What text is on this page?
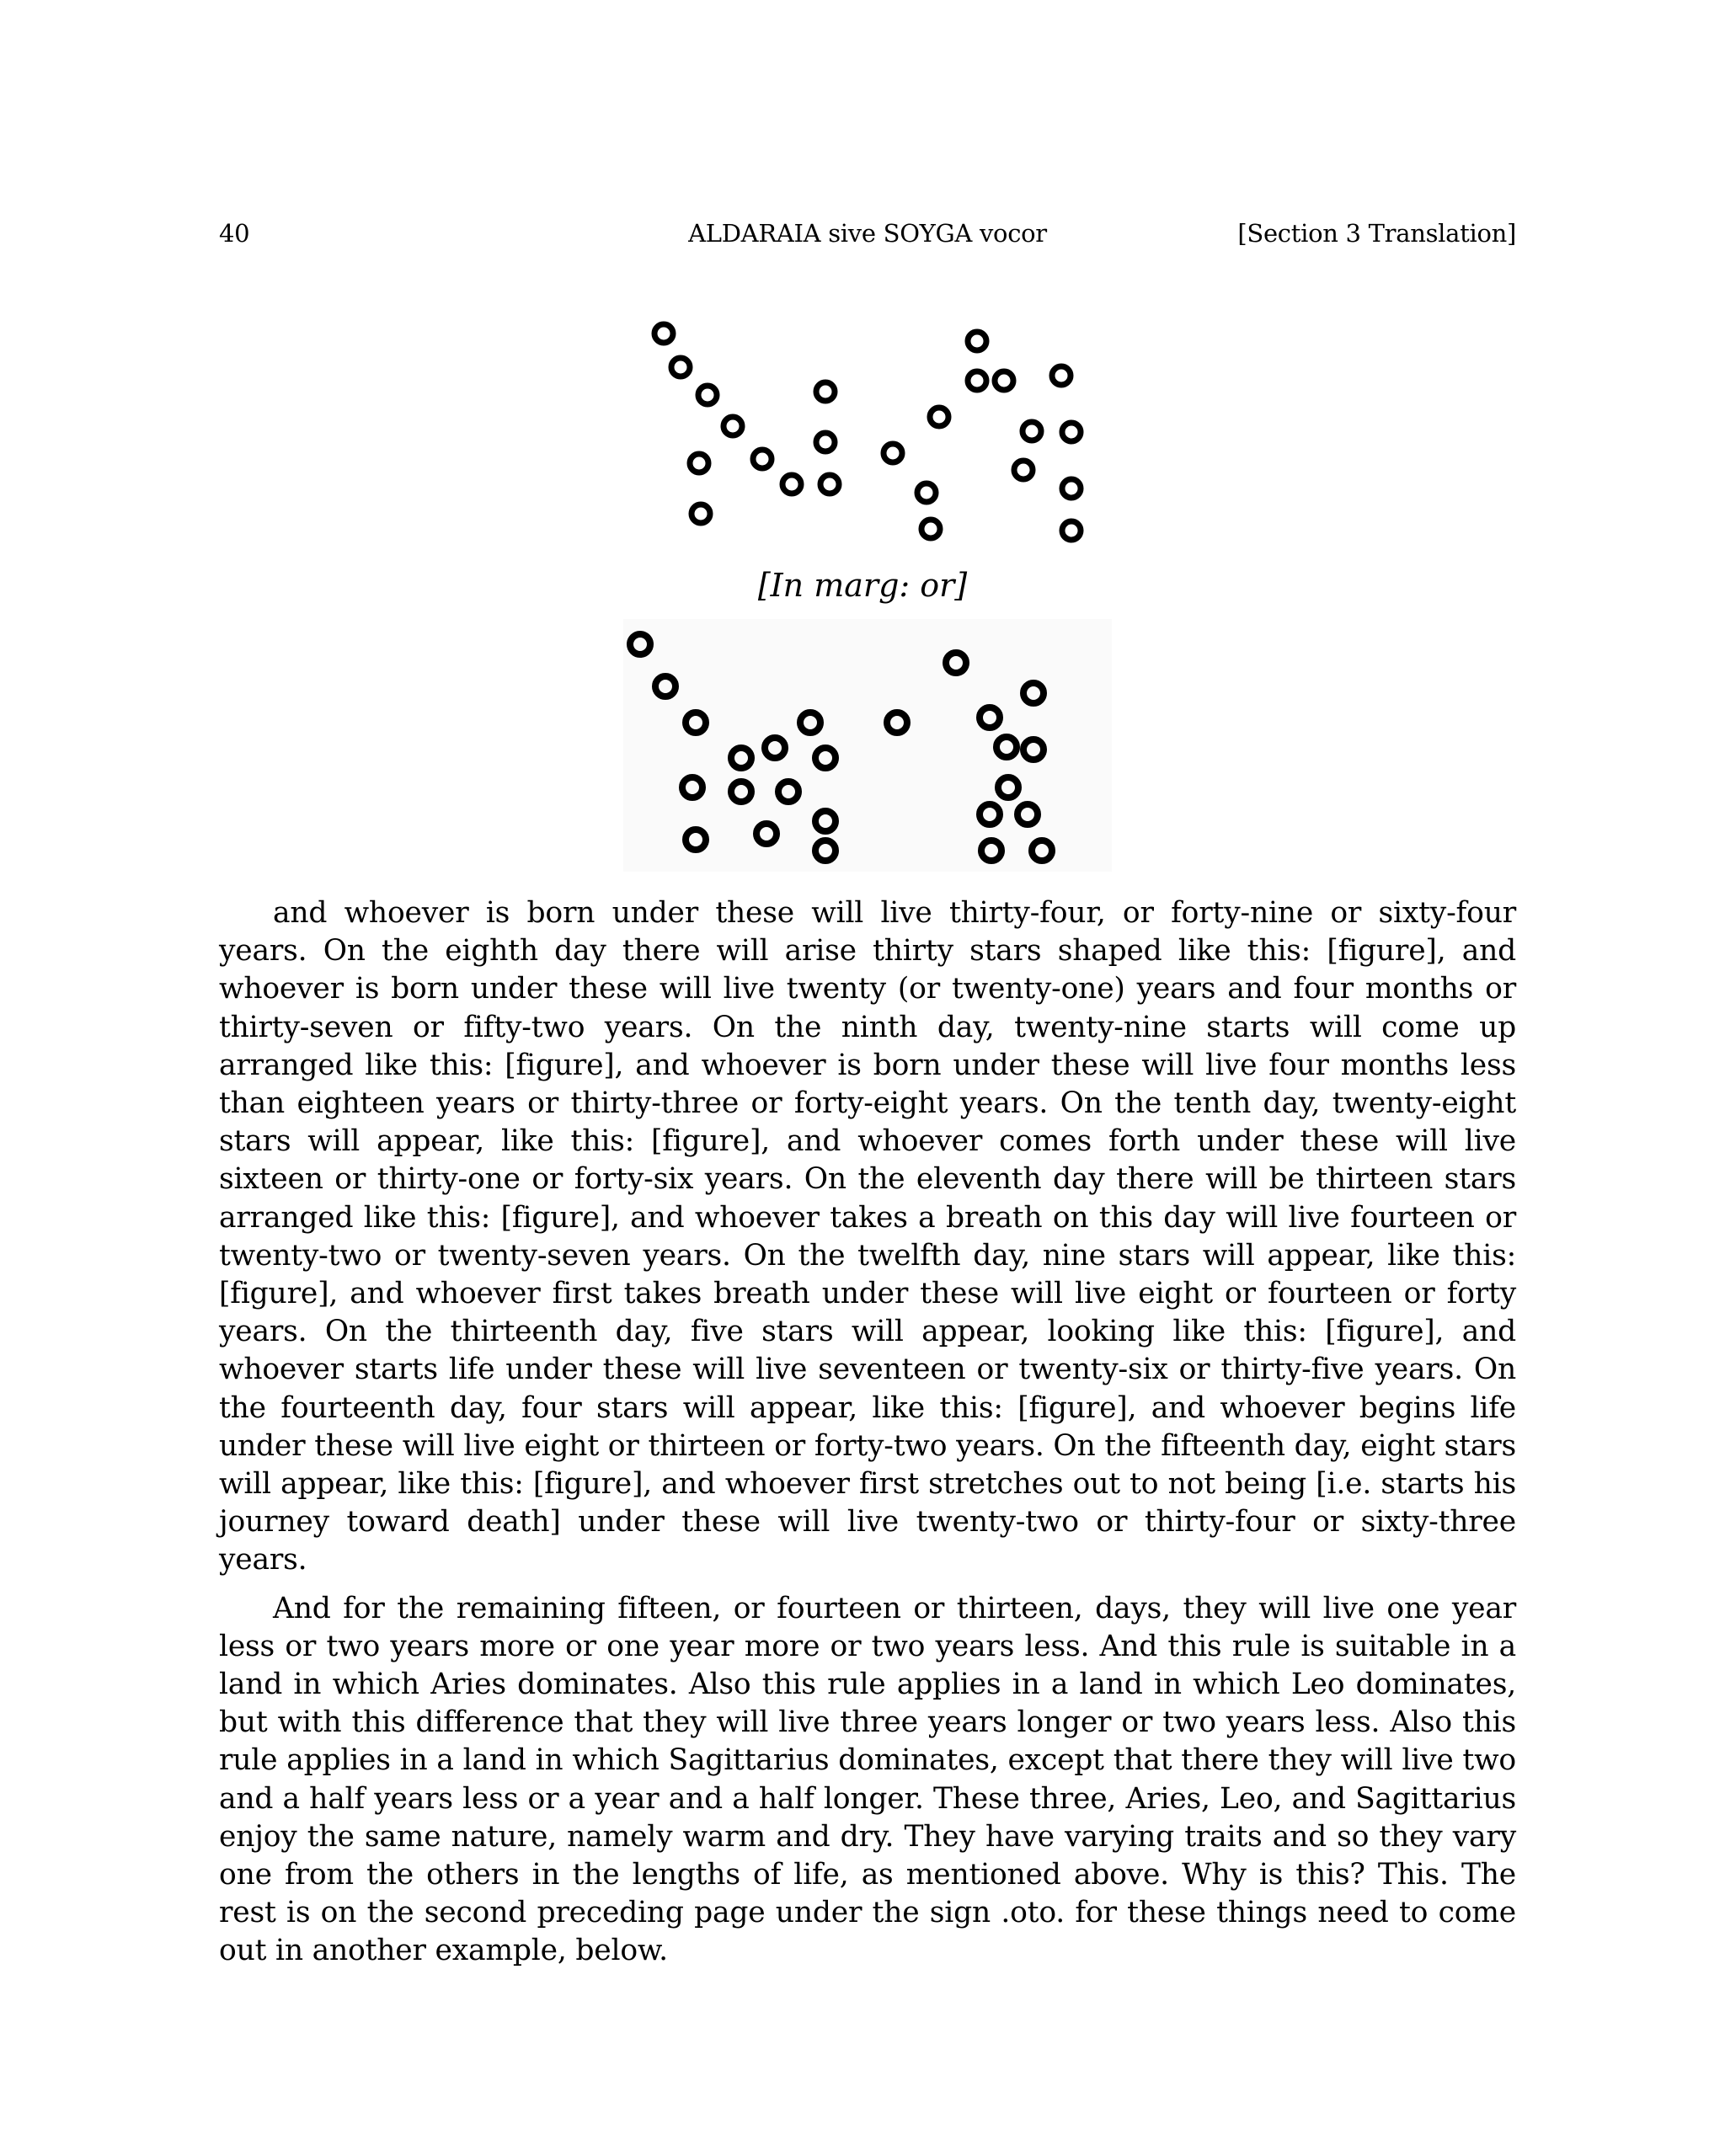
40	ALDARAIA sive SOYGA vocor	[Section 3 Translation]
[In marg: or]

and whoever is born under these will live thirty-four, or forty-nine or sixty-four years. On the eighth day there will arise thirty stars shaped like this: [figure], and whoever is born under these will live twenty (or twenty-one) years and four months or thirty-seven or fifty-two years. On the ninth day, twenty-nine starts will come up arranged like this: [figure], and whoever is born under these will live four months less than eighteen years or thirty-three or forty-eight years. On the tenth day, twenty-eight stars will appear, like this: [figure], and whoever comes forth under these will live sixteen or thirty-one or forty-six years. On the eleventh day there will be thirteen stars arranged like this: [figure], and whoever takes a breath on this day will live fourteen or twenty-two or twenty-seven years. On the twelfth day, nine stars will appear, like this: [figure], and whoever first takes breath under these will live eight or fourteen or forty years. On the thirteenth day, five stars will appear, looking like this: [figure], and whoever starts life under these will live seventeen or twenty-six or thirty-five years. On the fourteenth day, four stars will appear, like this: [figure], and whoever begins life under these will live eight or thirteen or forty-two years. On the fifteenth day, eight stars will appear, like this: [figure], and whoever first stretches out to not being [i.e. starts his journey toward death] under these will live twenty-two or thirty-four or sixty-three years.

And for the remaining fifteen, or fourteen or thirteen, days, they will live one year less or two years more or one year more or two years less. And this rule is suitable in a land in which Aries dominates. Also this rule applies in a land in which Leo dominates, but with this difference that they will live three years longer or two years less. Also this rule applies in a land in which Sagittarius dominates, except that there they will live two and a half years less or a year and a half longer. These three, Aries, Leo, and Sagittarius enjoy the same nature, namely warm and dry. They have varying traits and so they vary one from the others in the lengths of life, as mentioned above. Why is this? This. The rest is on the second preceding page under the sign .oto. for these things need to come out in another example, below.
